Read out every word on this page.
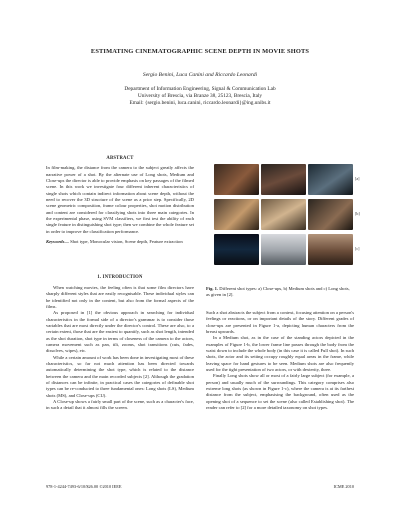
ESTIMATING CINEMATOGRAPHIC SCENE DEPTH IN MOVIE SHOTS
Sergio Benini, Luca Canini and Riccardo Leonardi
Department of Information Engineering, Signal & Communication Lab
University of Brescia, via Branze 38, 25123, Brescia, Italy
Email: {sergio.benini, luca.canini, riccardo.leonardi}@ing.unibs.it
ABSTRACT

In film-making, the distance from the camera to the subject greatly affects the narrative power of a shot. By the alternate use of Long shots, Medium and Close-ups the director is able to provide emphasis on key passages of the filmed scene. In this work we investigate four different inherent characteristics of single shots which contain indirect information about scene depth, without the need to recover the 3D structure of the scene as a prior step. Specifically, 2D scene geometric composition, frame colour properties, shot motion distribution and content are considered for classifying shots into three main categories. In the experimental phase, using SVM classifiers, we first test the ability of each single feature in distinguishing shot type; then we combine the whole feature set in order to improve the classification performance.

Keywords— Shot type, Monocular vision, Scene depth, Feature extraction

1. INTRODUCTION

When watching movies, the feeling often is that some film directors have sharply different styles that are easily recognisable. These individual styles can be identified not only in the content, but also from the formal aspects of the films.

As proposed in [1] the obvious approach in searching for individual characteristics in the formal side of a director's grammar is to consider those variables that are most directly under the director's control. These are also, to a certain extent, those that are the easiest to quantify, such as shot length, intended as the shot duration, shot type in terms of closeness of the camera to the actors, camera movement such as pan, tilt, zooms, shot transitions (cuts, fades, dissolves, wipes), etc.

While a certain amount of work has been done in investigating most of these characteristics, so far not much attention has been directed towards automatically determining the shot type, which is related to the distance between the camera and the main recorded subjects [2]. Although the gradation of distances can be infinite, in practical cases the categories of definable shot types can be re-conducted to three fundamental ones: Long shots (LS), Medium shots (MS), and Close-ups (CU).

A Close-up shows a fairly small part of the scene, such as a character's face, in such a detail that it almost fills the screen.

[a]
[b]
[c]
Fig. 1. Different shot types: a) Close-ups, b) Medium shots and c) Long shots, as given in [2].

Such a shot abstracts the subject from a context, focusing attention on a person's feelings or reactions, or on important details of the story. Different grades of close-ups are presented in Figure 1-a, depicting human characters from the breast upwards.

In a Medium shot, as in the case of the standing actors depicted in the examples of Figure 1-b, the lower frame line passes through the body from the waist down to include the whole body (in this case it is called Full shot). In such shots, the actor and its setting occupy roughly equal areas in the frame, while leaving space for hand gestures to be seen. Medium shots are also frequently used for the tight presentation of two actors, or with dexterity, three.

Finally Long shots show all or most of a fairly large subject (for example, a person) and usually much of the surroundings. This category comprises also extreme long shots (as shown in Figure 1-c), where the camera is at its farthest distance from the subject, emphasising the background, often used as the opening shot of a sequence to set the scene (also called Establishing shot). The reader can refer to [2] for a more detailed taxonomy on shot types.

978-1-4244-7493-6/10/$26.00 ©2010 IEEE	ICME 2010
